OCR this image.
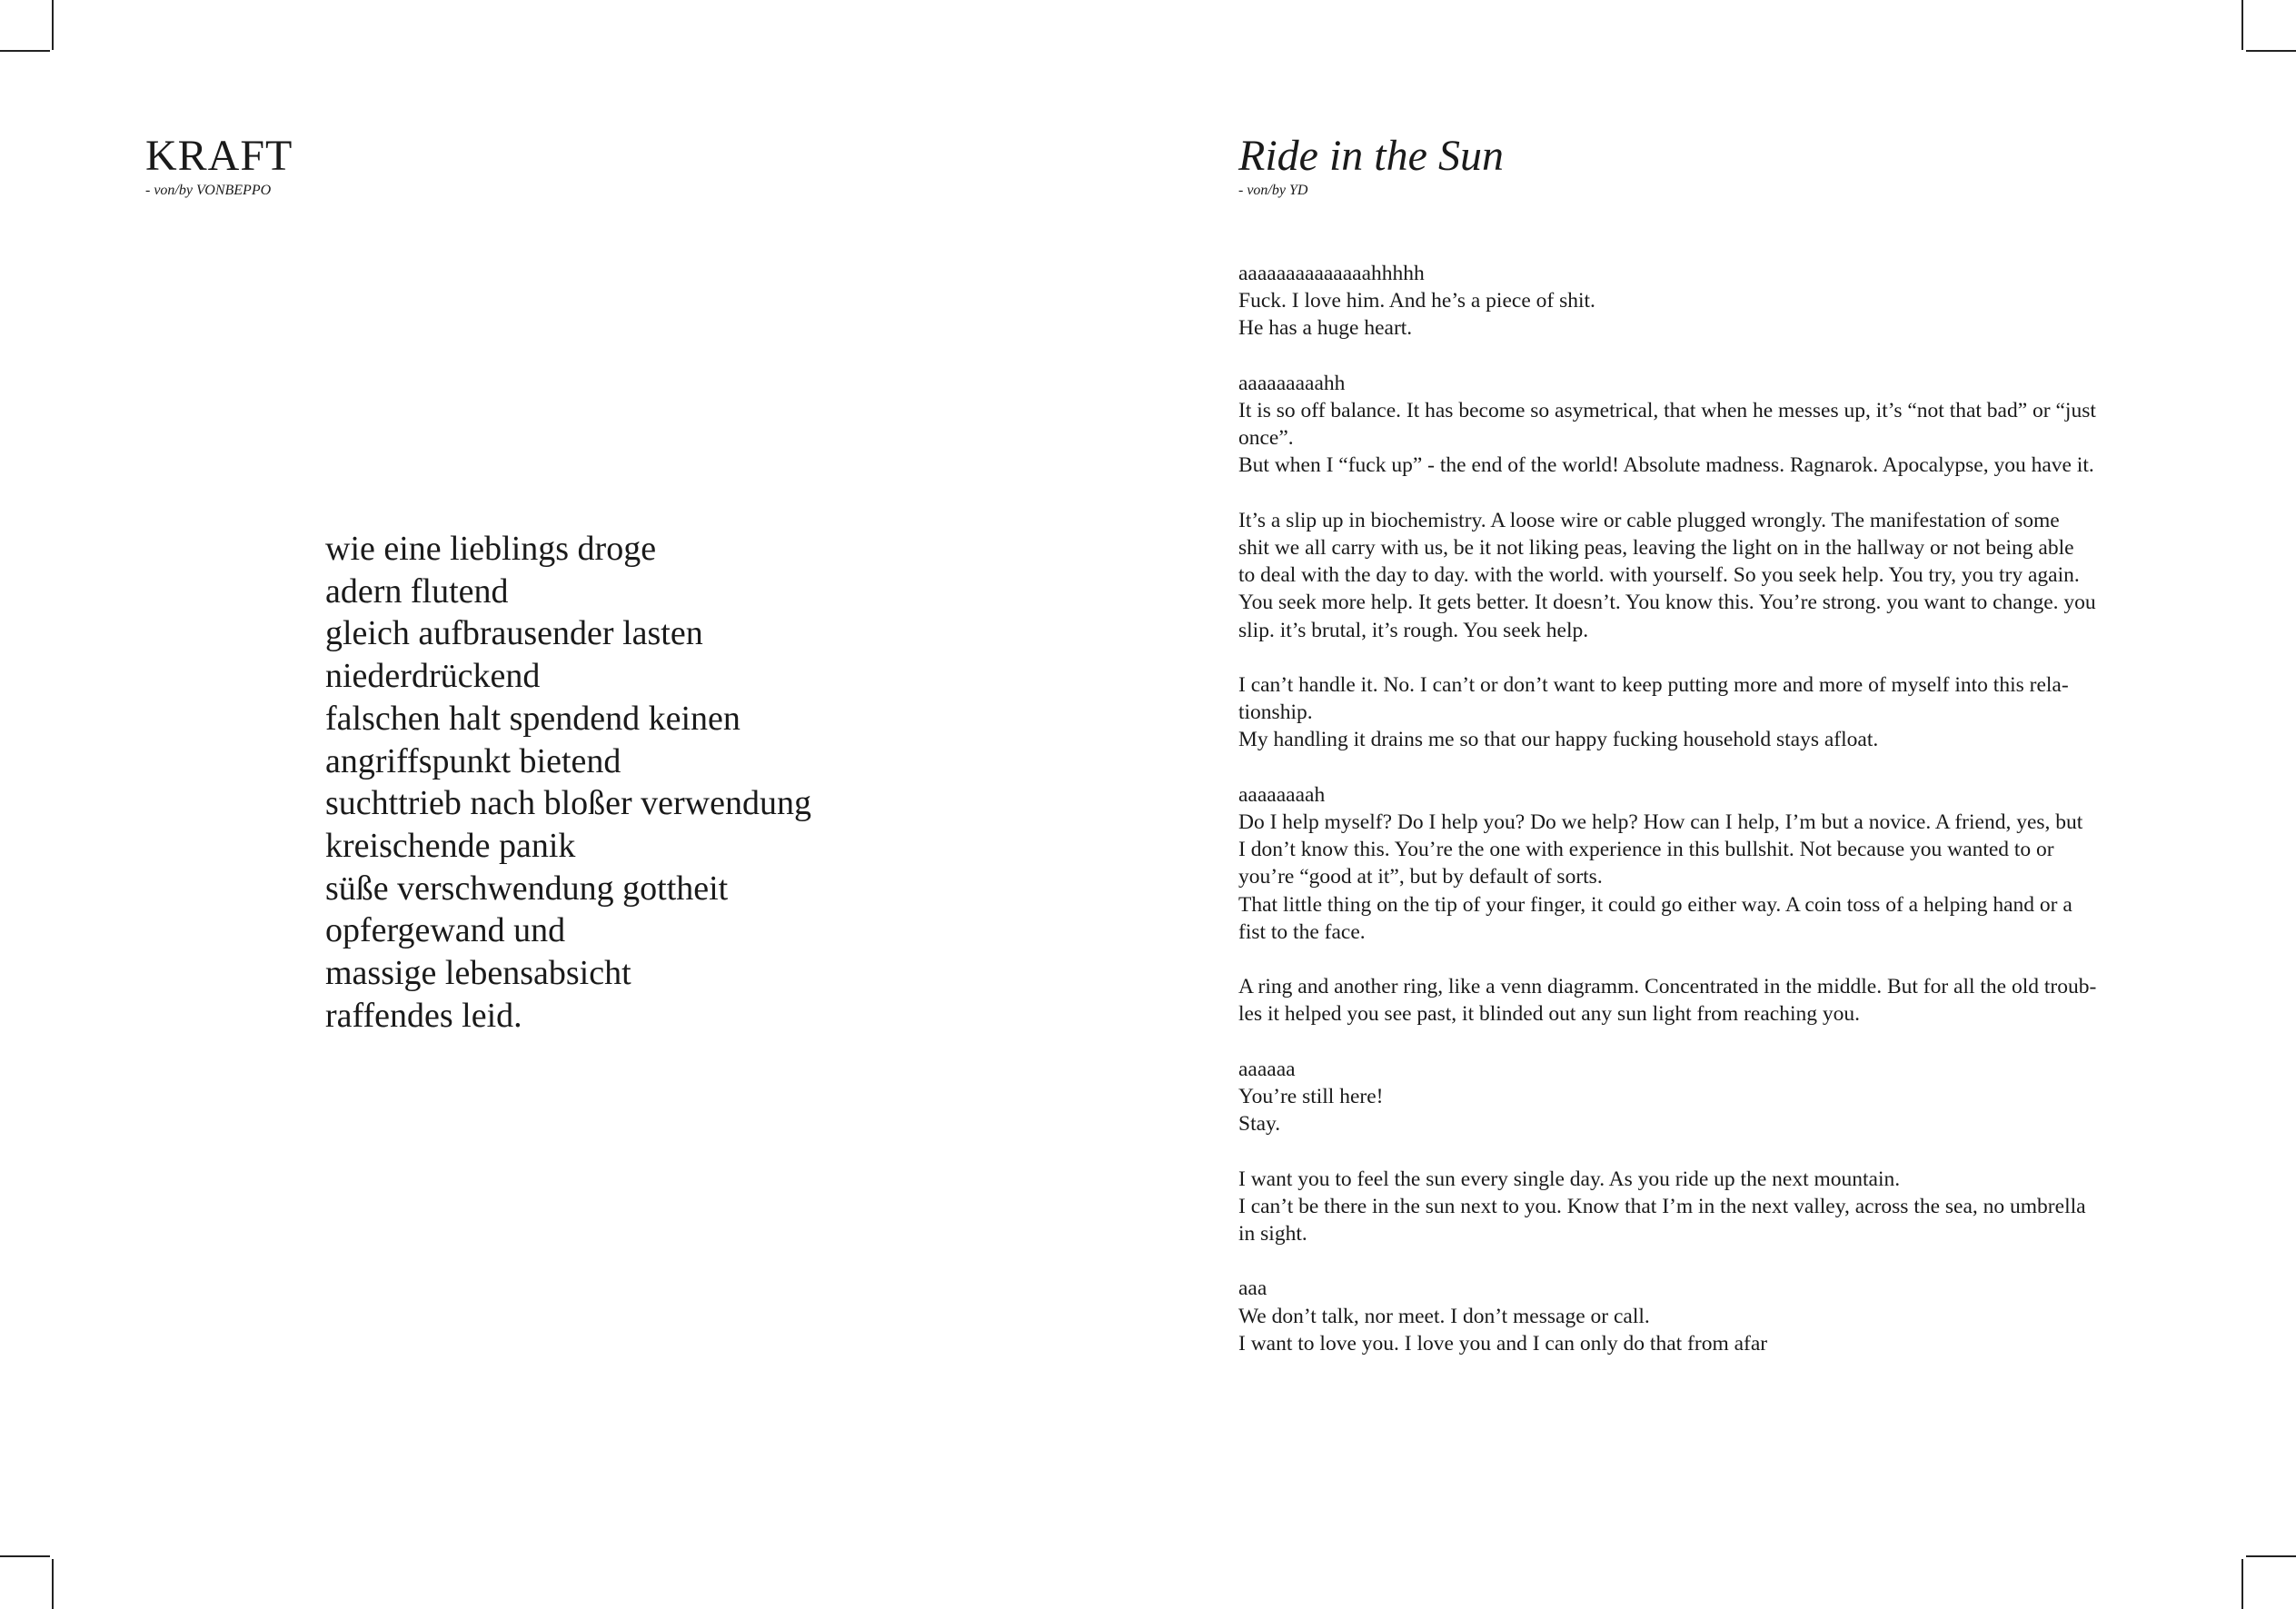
KRAFT
- von/by VONBEPPO
wie eine lieblings droge
adern flutend
gleich aufbrausender lasten
niederdrückend
falschen halt spendend keinen
angriffspunkt bietend
suchttrieb nach bloßer verwendung
kreischende panik
süße verschwendung gottheit
opfergewand und
massige lebensabsicht
raffendes leid.
Ride in the Sun
- von/by YD
aaaaaaaaaaaaaahhhhh
Fuck. I love him. And he’s a piece of shit.
He has a huge heart.
aaaaaaaaahh
It is so off balance. It has become so asymetrical, that when he messes up, it’s “not that bad” or “just
once”.
But when I “fuck up” - the end of the world! Absolute madness. Ragnarok. Apocalypse, you have it.
It’s a slip up in biochemistry. A loose wire or cable plugged wrongly. The manifestation of some
shit we all carry with us, be it not liking peas, leaving the light on in the hallway or not being able
to deal with the day to day. with the world. with yourself. So you seek help. You try, you try again.
You seek more help. It gets better. It doesn’t. You know this. You’re strong. you want to change. you
slip. it’s brutal, it’s rough. You seek help.
I can’t handle it. No. I can’t or don’t want to keep putting more and more of myself into this rela-
tionship.
My handling it drains me so that our happy fucking household stays afloat.
aaaaaaaah
Do I help myself? Do I help you? Do we help? How can I help, I’m but a novice. A friend, yes, but
I don’t know this. You’re the one with experience in this bullshit. Not because you wanted to or
you’re “good at it”, but by default of sorts.
That little thing on the tip of your finger, it could go either way. A coin toss of a helping hand or a
fist to the face.
A ring and another ring, like a venn diagramm. Concentrated in the middle. But for all the old troub-
les it helped you see past, it blinded out any sun light from reaching you.
aaaaaa
You’re still here!
Stay.
I want you to feel the sun every single day. As you ride up the next mountain.
I can’t be there in the sun next to you. Know that I’m in the next valley, across the sea, no umbrella
in sight.
aaa
We don’t talk, nor meet. I don’t message or call.
I want to love you. I love you and I can only do that from afar
